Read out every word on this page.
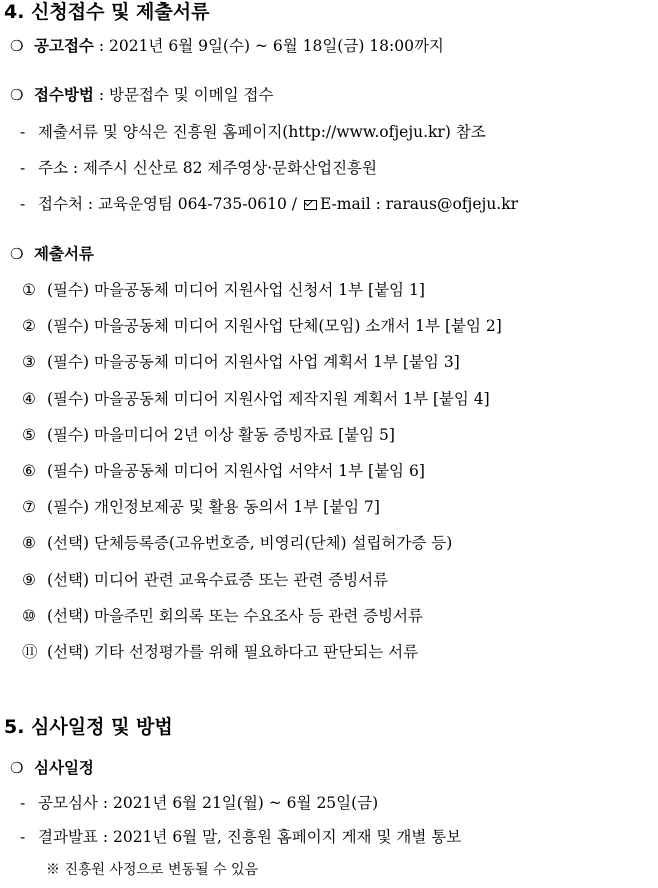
4. 신청접수 및 제출서류
❍ 공고접수 : 2021년 6월 9일(수) ~ 6월 18일(금) 18:00까지
❍ 접수방법 : 방문접수 및 이메일 접수
- 제출서류 및 양식은 진흥원 홈페이지(http://www.ofjeju.kr) 참조
- 주소 : 제주시 신산로 82 제주영상·문화산업진흥원
- 접수처 : 교육운영팀 064-735-0610 / E-mail : raraus@ofjeju.kr
❍ 제출서류
① (필수) 마을공동체 미디어 지원사업 신청서 1부 [붙임 1]
② (필수) 마을공동체 미디어 지원사업 단체(모임) 소개서 1부 [붙임 2]
③ (필수) 마을공동체 미디어 지원사업 사업 계획서 1부 [붙임 3]
④ (필수) 마을공동체 미디어 지원사업 제작지원 계획서 1부 [붙임 4]
⑤ (필수) 마을미디어 2년 이상 활동 증빙자료 [붙임 5]
⑥ (필수) 마을공동체 미디어 지원사업 서약서 1부 [붙임 6]
⑦ (필수) 개인정보제공 및 활용 동의서 1부 [붙임 7]
⑧ (선택) 단체등록증(고유번호증, 비영리(단체) 설립허가증 등)
⑨ (선택) 미디어 관련 교육수료증 또는 관련 증빙서류
⑩ (선택) 마을주민 회의록 또는 수요조사 등 관련 증빙서류
⑪ (선택) 기타 선정평가를 위해 필요하다고 판단되는 서류
5. 심사일정 및 방법
❍ 심사일정
- 공모심사 : 2021년 6월 21일(월) ~ 6월 25일(금)
- 결과발표 : 2021년 6월 말, 진흥원 홈페이지 게재 및 개별 통보
※ 진흥원 사정으로 변동될 수 있음
